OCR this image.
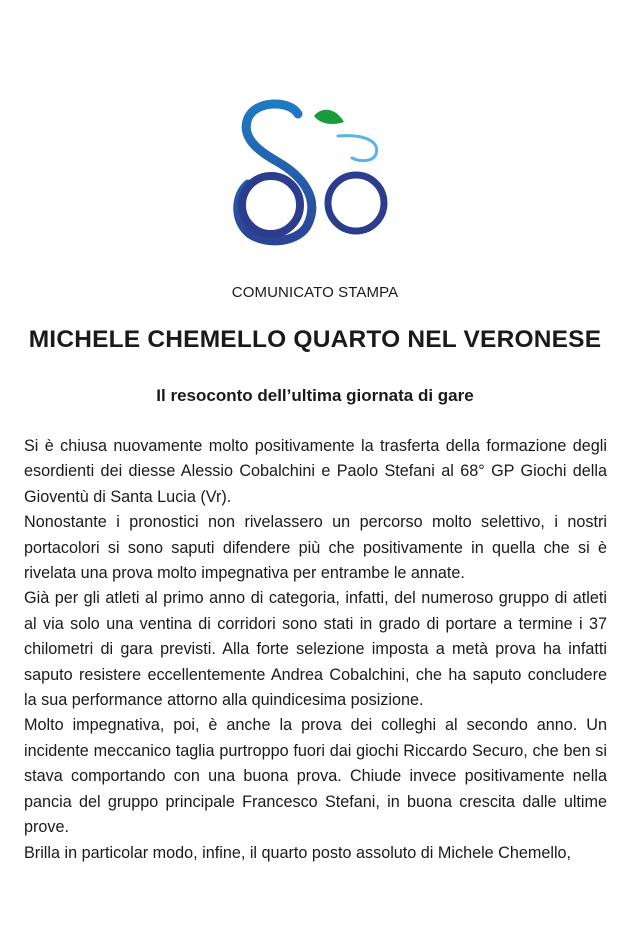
COMUNICATO STAMPA
MICHELE CHEMELLO QUARTO NEL VERONESE
Il resoconto dell’ultima giornata di gare

Si è chiusa nuovamente molto positivamente la trasferta della formazione degli esordienti dei diesse Alessio Cobalchini e Paolo Stefani al 68° GP Giochi della Gioventù di Santa Lucia (Vr).

Nonostante i pronostici non rivelassero un percorso molto selettivo, i nostri portacolori si sono saputi difendere più che positivamente in quella che si è rivelata una prova molto impegnativa per entrambe le annate.

Già per gli atleti al primo anno di categoria, infatti, del numeroso gruppo di atleti al via solo una ventina di corridori sono stati in grado di portare a termine i 37 chilometri di gara previsti. Alla forte selezione imposta a metà prova ha infatti saputo resistere eccellentemente Andrea Cobalchini, che ha saputo concludere la sua performance attorno alla quindicesima posizione.

Molto impegnativa, poi, è anche la prova dei colleghi al secondo anno. Un incidente meccanico taglia purtroppo fuori dai giochi Riccardo Securo, che ben si stava comportando con una buona prova. Chiude invece positivamente nella pancia del gruppo principale Francesco Stefani, in buona crescita dalle ultime prove.

Brilla in particolar modo, infine, il quarto posto assoluto di Michele Chemello,
